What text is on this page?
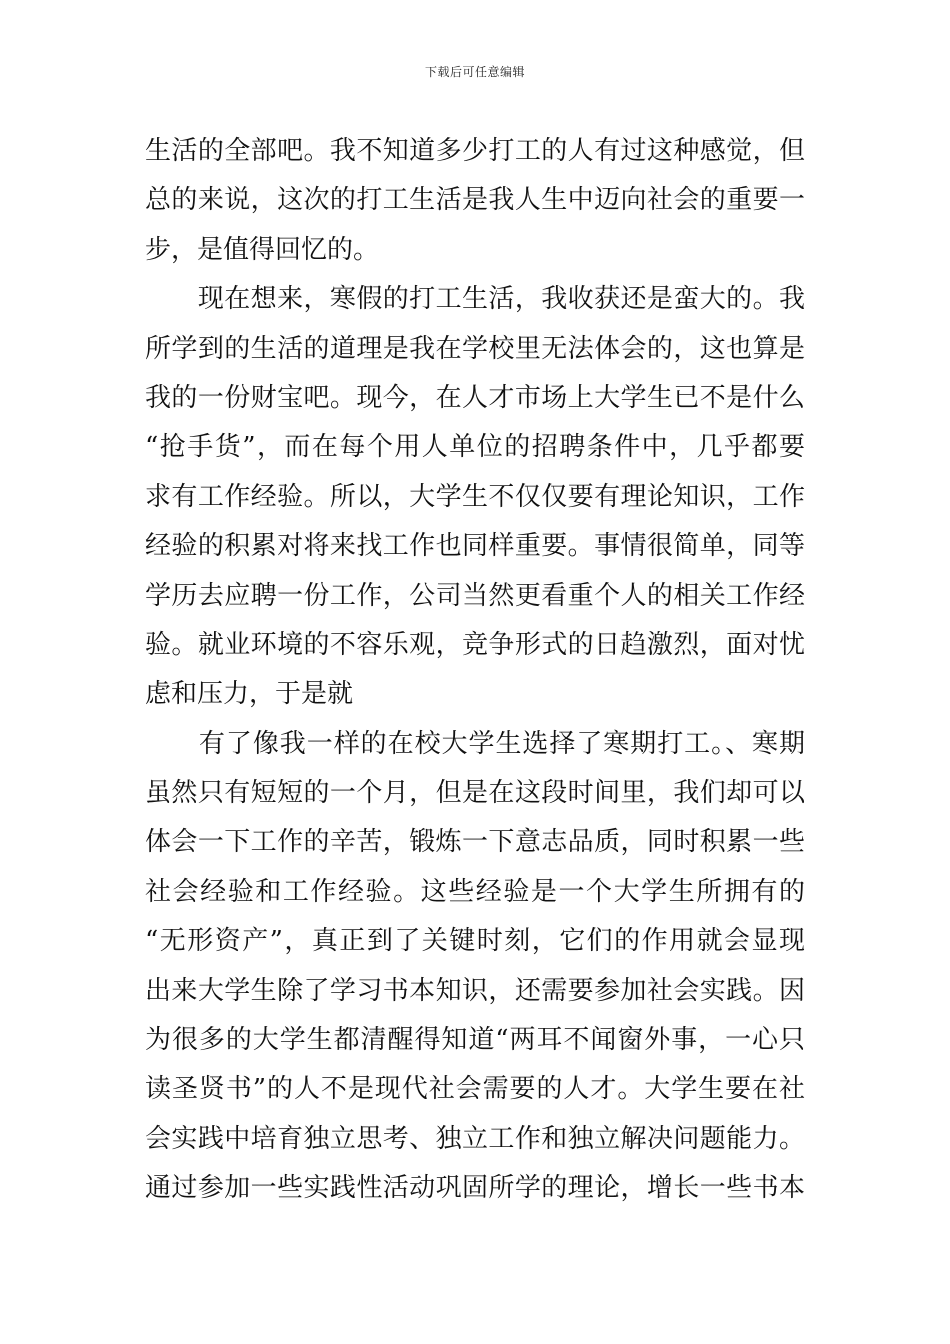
下载后可任意编辑
生活的全部吧。我不知道多少打工的人有过这种感觉，但
总的来说，这次的打工生活是我人生中迈向社会的重要一
步，是值得回忆的。
　　现在想来，寒假的打工生活，我收获还是蛮大的。我
所学到的生活的道理是我在学校里无法体会的，这也算是
我的一份财宝吧。现今，在人才市场上大学生已不是什么
“抢手货”，而在每个用人单位的招聘条件中，几乎都要
求有工作经验。所以，大学生不仅仅要有理论知识，工作
经验的积累对将来找工作也同样重要。事情很简单，同等
学历去应聘一份工作，公司当然更看重个人的相关工作经
验。就业环境的不容乐观，竞争形式的日趋激烈，面对忧
虑和压力，于是就
　　有了像我一样的在校大学生选择了寒期打工。、寒期
虽然只有短短的一个月，但是在这段时间里，我们却可以
体会一下工作的辛苦，锻炼一下意志品质，同时积累一些
社会经验和工作经验。这些经验是一个大学生所拥有的
“无形资产”，真正到了关键时刻，它们的作用就会显现
出来大学生除了学习书本知识，还需要参加社会实践。因
为很多的大学生都清醒得知道“两耳不闻窗外事，一心只
读圣贤书”的人不是现代社会需要的人才。大学生要在社
会实践中培育独立思考、独立工作和独立解决问题能力。
通过参加一些实践性活动巩固所学的理论，增长一些书本
